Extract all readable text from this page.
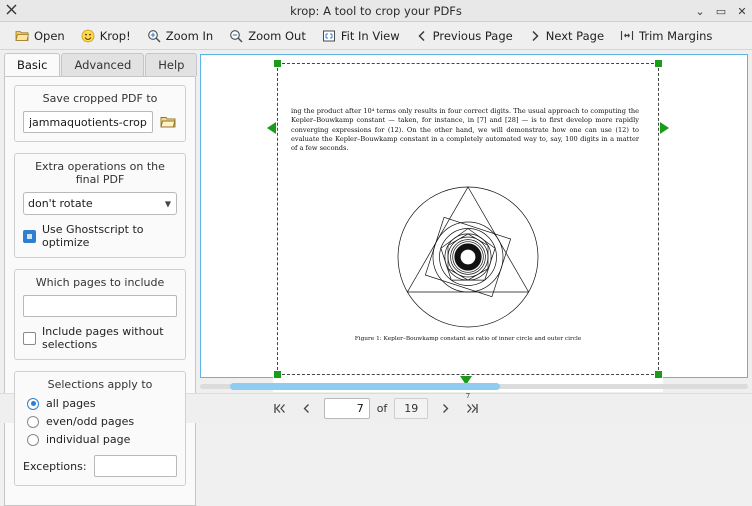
krop: A tool to crop your PDFs	⌄ ▭ ✕
Open	Krop!	Zoom In	Zoom Out	Fit In View	Previous Page	Next Page	Trim Margins
Basic	Advanced	Help
Save cropped PDF to
jammaquotients-cropped.pdf
Extra operations on the final PDF
don't rotate
▼
Use Ghostscript to optimize
Which pages to include
Include pages without selections
Selections apply to
all pages
even/odd pages
individual page
Exceptions:
ing the product after 10⁴ terms only results in four correct digits. The usual approach to computing the Kepler–Bouwkamp constant — taken, for instance, in [7] and [28] — is to first develop more rapidly converging expressions for (12). On the other hand, we will demonstrate how one can use (12) to evaluate the Kepler–Bouwkamp constant in a completely automated way to, say, 100 digits in a matter of a few seconds.
Figure 1: Kepler–Bouwkamp constant as ratio of inner circle and outer circle
7
7
of	19
